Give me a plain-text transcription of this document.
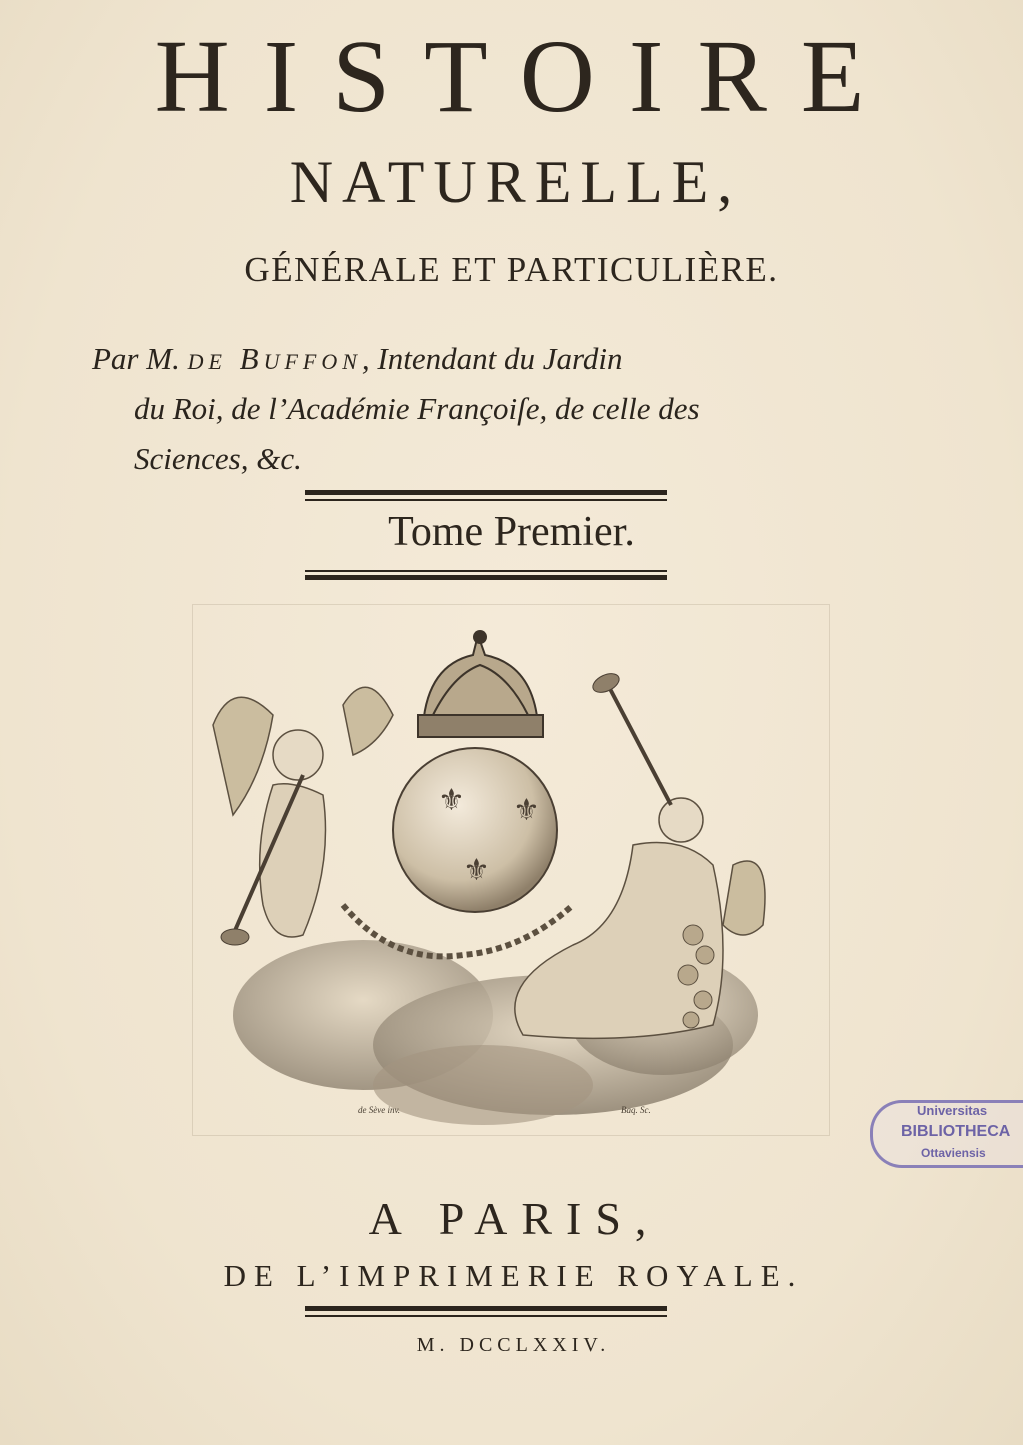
HISTOIRE
NATURELLE,
GÉNÉRALE ET PARTICULIÈRE.
Par M. de Buffon, Intendant du Jardin
du Roi, de l’Académie Françoiſe, de celle des
Sciences, &c.
Tome Premier.
⚜ ⚜
⚜
de Sève inv.	Baq. Sc.	Universitas
BIBLIOTHECA
Ottaviensis
A PARIS,
DE L’IMPRIMERIE ROYALE.
M. DCCLXXIV.
